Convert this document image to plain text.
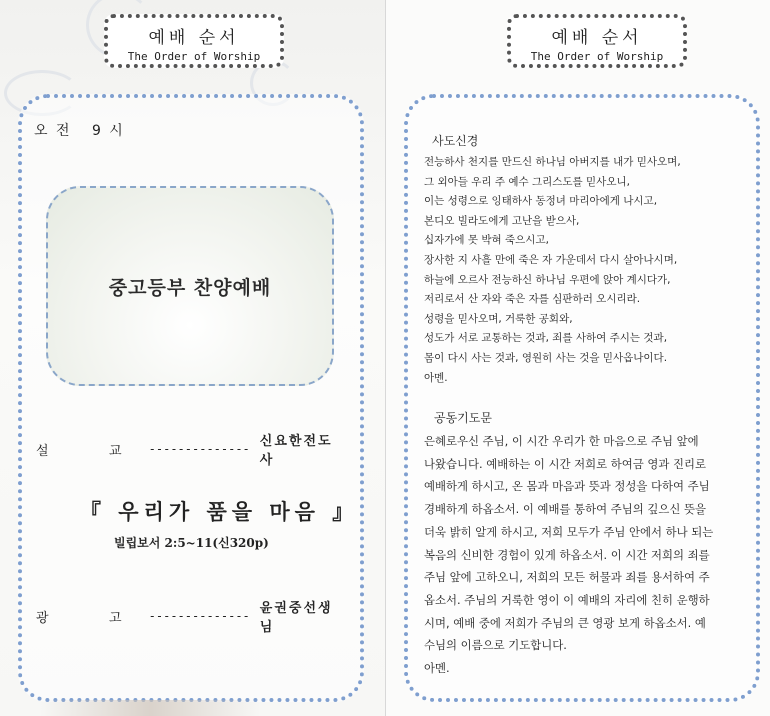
예배 순서
The Order of Worship
오 전 9 시
중고등부 찬양예배
설	교	-------------- 신요한전도사
『 우리가 품을 마음 』
빌립보서 2:5~11(신320p)
광	고	-------------- 윤권중선생님
예배 순서
The Order of Worship
사도신경
전능하사 천지를 만드신 하나님 아버지를 내가 믿사오며,
그 외아들 우리 주 예수 그리스도를 믿사오니,
이는 성령으로 잉태하사 동정녀 마리아에게 나시고,
본디오 빌라도에게 고난을 받으사,
십자가에 못 박혀 죽으시고,
장사한 지 사흘 만에 죽은 자 가운데서 다시 살아나시며,
하늘에 오르사 전능하신 하나님 우편에 앉아 계시다가,
저리로서 산 자와 죽은 자를 심판하러 오시리라.
성령을 믿사오며, 거룩한 공회와,
성도가 서로 교통하는 것과, 죄를 사하여 주시는 것과,
몸이 다시 사는 것과, 영원히 사는 것을 믿사옵나이다.
아멘.
공동기도문
은혜로우신 주님, 이 시간 우리가 한 마음으로 주님 앞에
나왔습니다. 예배하는 이 시간 저희로 하여금 영과 진리로
예배하게 하시고, 온 몸과 마음과 뜻과 정성을 다하여 주님
경배하게 하옵소서. 이 예배를 통하여 주님의 깊으신 뜻을
더욱 밝히 알게 하시고, 저희 모두가 주님 안에서 하나 되는
복음의 신비한 경험이 있게 하옵소서. 이 시간 저희의 죄를
주님 앞에 고하오니, 저희의 모든 허물과 죄를 용서하여 주
옵소서. 주님의 거룩한 영이 이 예배의 자리에 친히 운행하
시며, 예배 중에 저희가 주님의 큰 영광 보게 하옵소서. 예
수님의 이름으로 기도합니다.
아멘.
